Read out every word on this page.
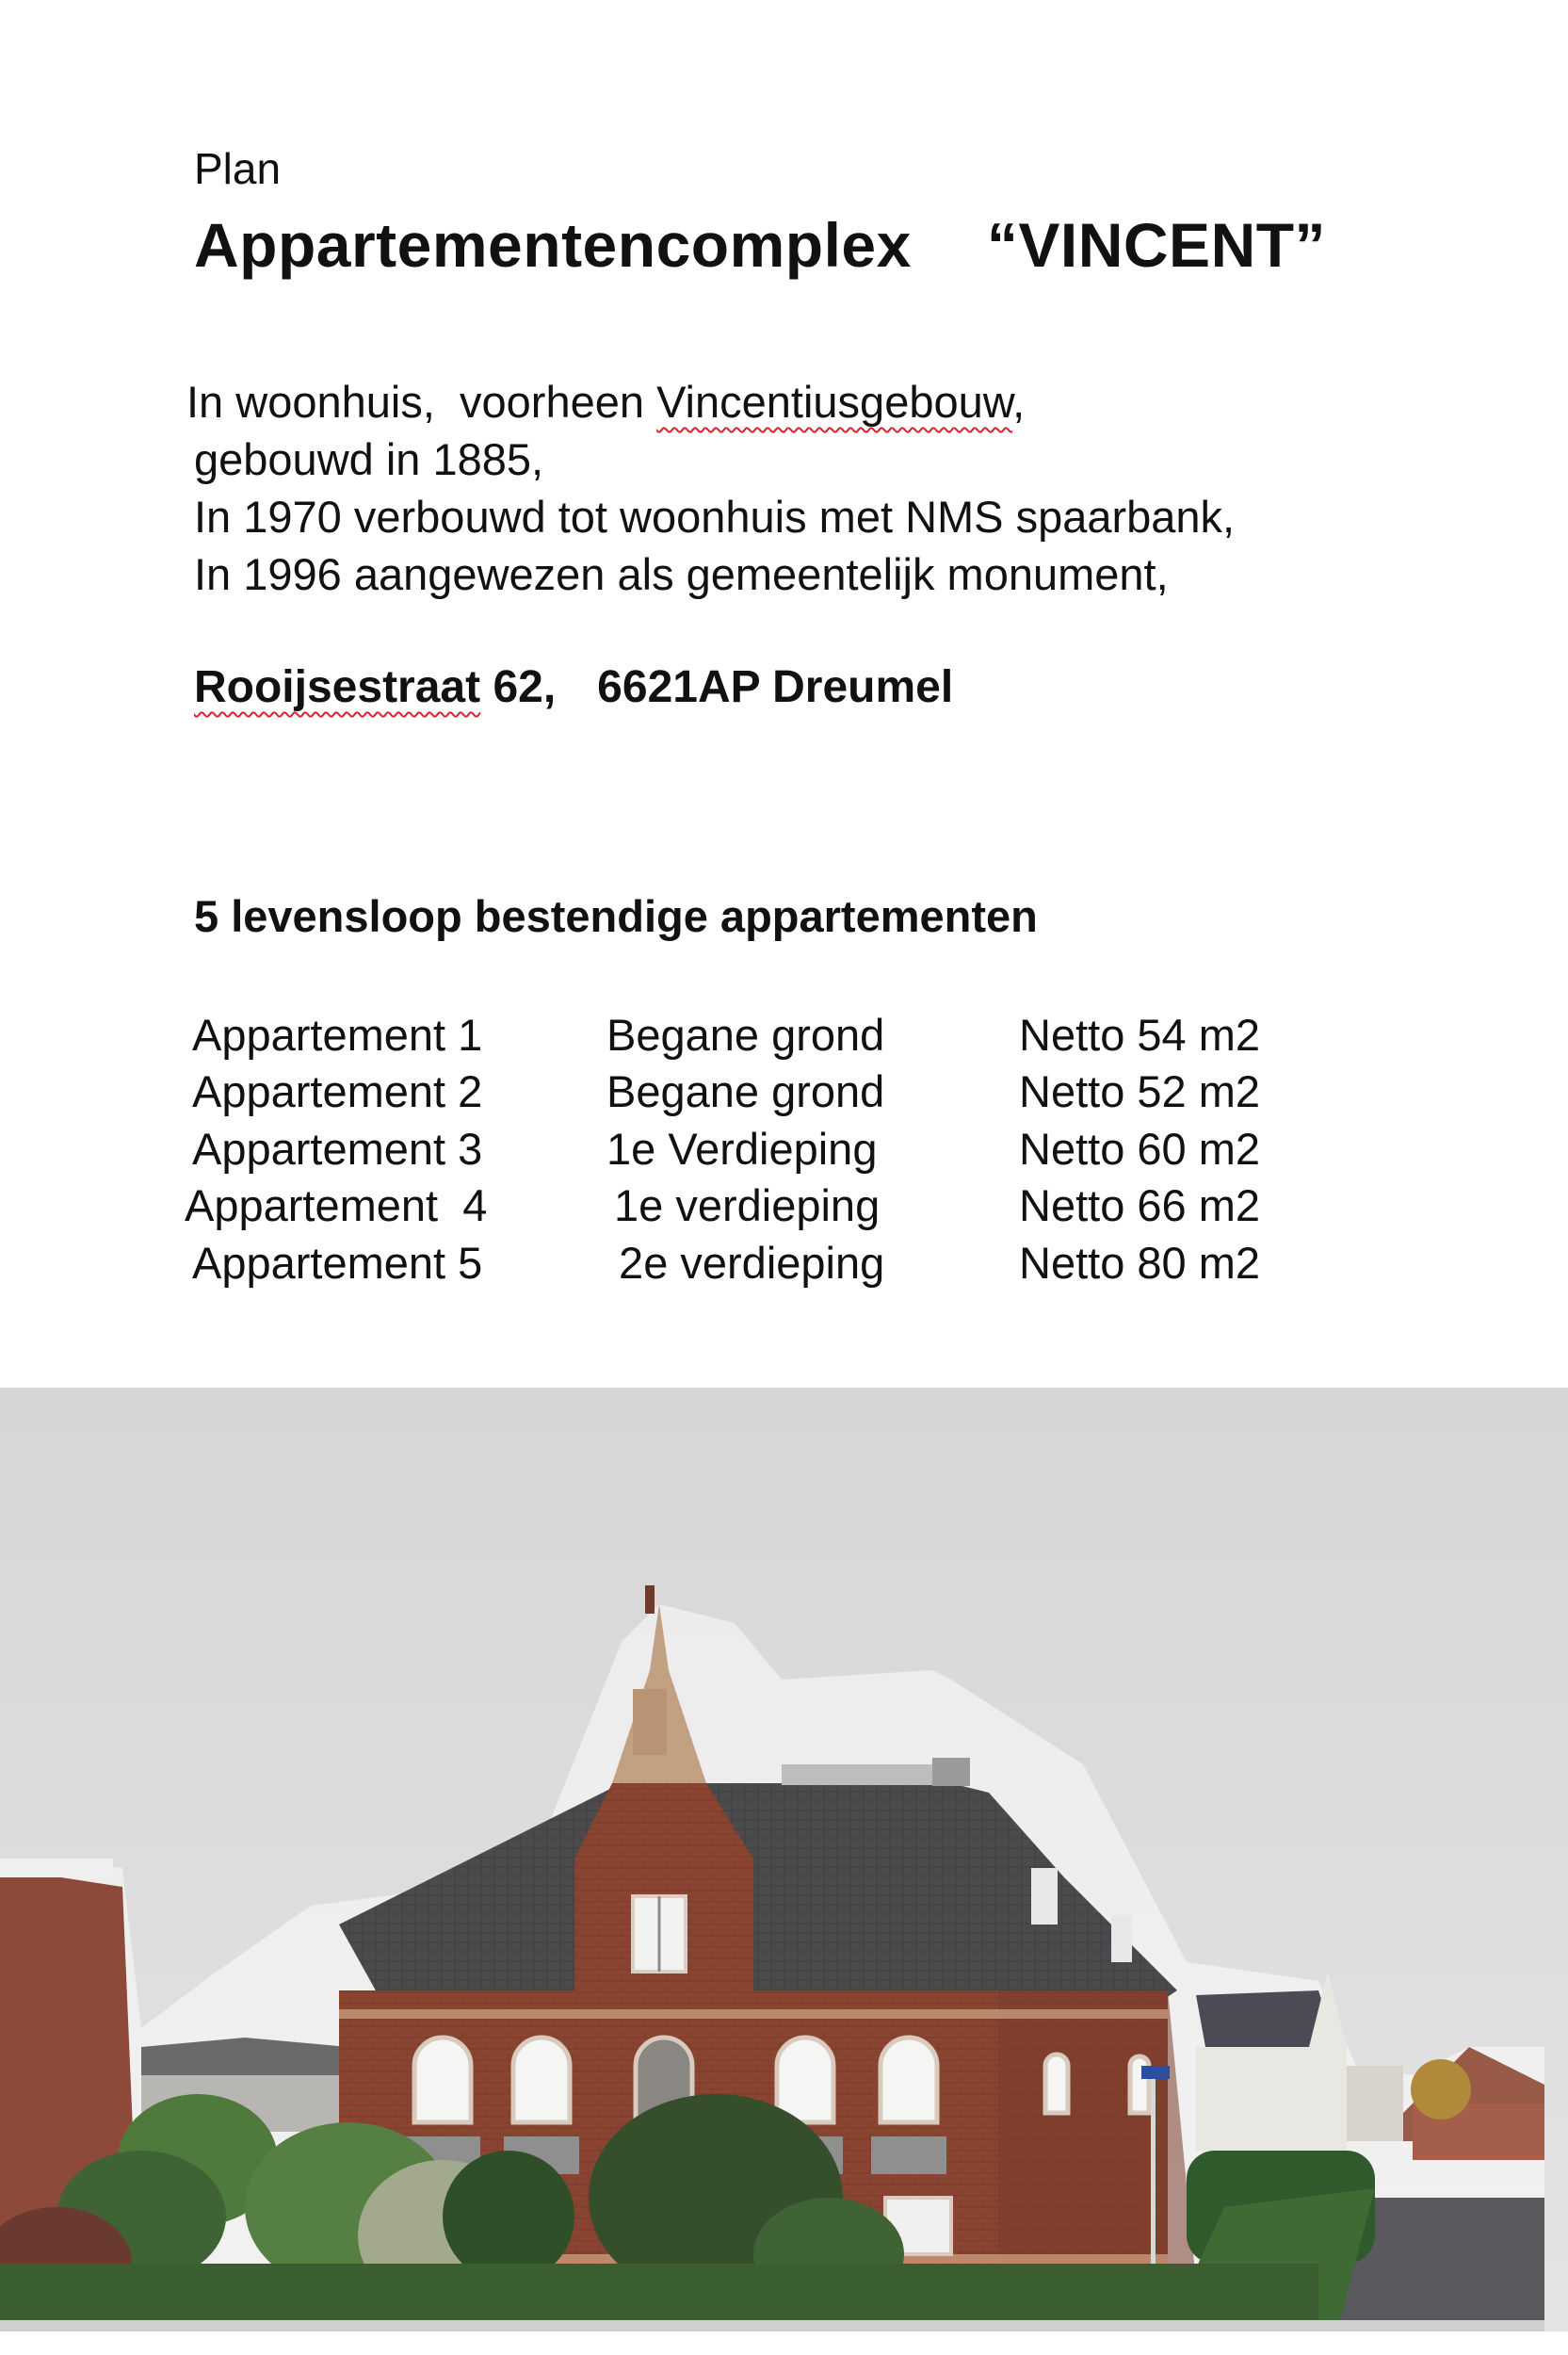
Plan
Appartementencomplex “VINCENT”
In woonhuis,  voorheen Vincentiusgebouw,
gebouwd in 1885,
In 1970 verbouwd tot woonhuis met NMS spaarbank,
In 1996 aangewezen als gemeentelijk monument,
Rooijsestraat 62, 6621AP Dreumel
5 levensloop bestendige appartementen
Appartement 1	Begane grond	Netto 54 m2
Appartement 2	Begane grond	Netto 52 m2
Appartement 3	1e Verdieping	Netto 60 m2
Appartement  4	1e verdieping	Netto 66 m2
Appartement 5	2e verdieping	Netto 80 m2
